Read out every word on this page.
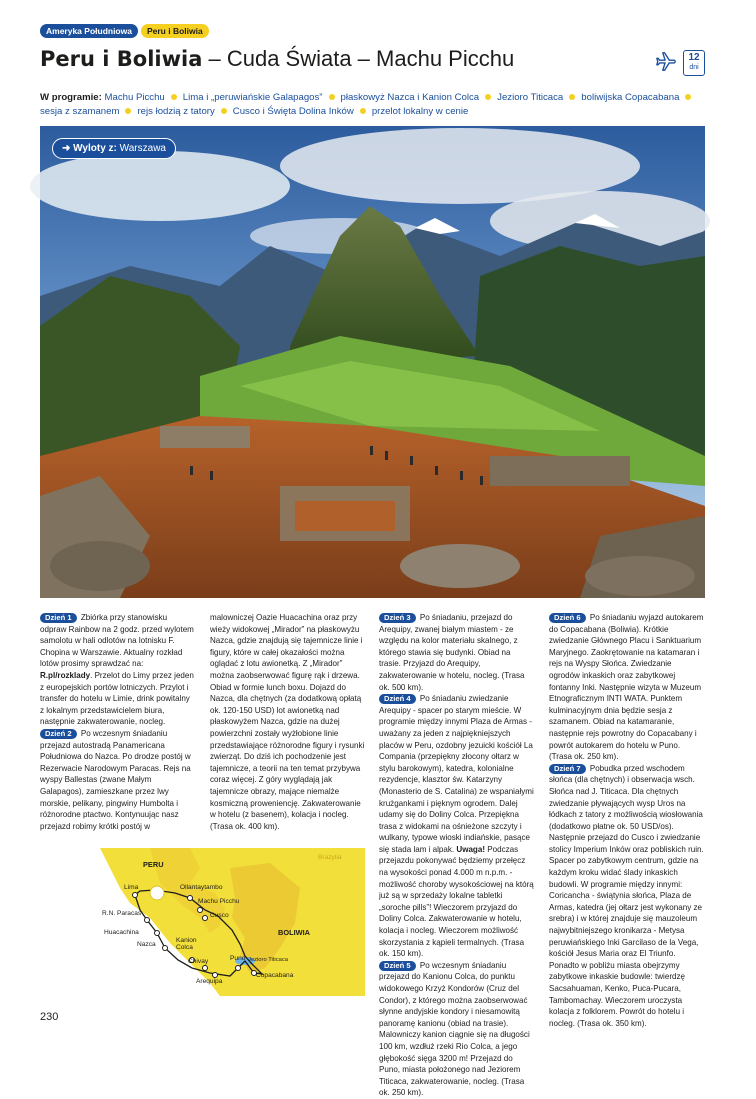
Ameryka Południowa	Peru i Boliwia
Peru i Boliwia – Cuda Świata – Machu Picchu	12
dni
W programie: Machu Picchu Lima i „peruwiańskie Galapagos” płaskowyż Nazca i Kanion Colca Jezioro Titicaca boliwijska Copacabana
sesja z szamanem rejs łodzią z tatory Cusco i Święta Dolina Inków przelot lokalny w cenie
➜ Wyloty z: Warszawa

Dzień 1 Zbiórka przy stanowisku odpraw Rainbow na 2 godz. przed wylotem samolotu w hali odlotów na lotnisku F. Chopina w Warszawie. Aktualny rozkład lotów prosimy sprawdzać na: R.pl/rozklady. Przelot do Limy przez jeden z europejskich portów lotniczych. Przylot i transfer do hotelu w Limie, drink powitalny z lokalnym przedstawicielem biura, następnie zakwaterowanie, nocleg.

Dzień 2 Po wczesnym śniadaniu przejazd autostradą Panamericana Południowa do Nazca. Po drodze postój w Rezerwacie Narodowym Paracas. Rejs na wyspy Ballestas (zwane Małym Galapagos), zamieszkane przez lwy morskie, pelikany, pingwiny Humbolta i różnorodne ptactwo. Kontynuując nasz przejazd robimy krótki postój w

Dzień 3 Po śniadaniu, przejazd do Arequipy, zwanej białym miastem - ze względu na kolor materiału skalnego, z którego stawia się budynki. Obiad na trasie. Przyjazd do Arequipy, zakwaterowanie w hotelu, nocleg. (Trasa ok. 500 km).

Dzień 4 Po śniadaniu zwiedzanie Arequipy - spacer po starym mieście. W programie między innymi Plaza de Armas - uważany za jeden z najpiękniejszych placów w Peru, ozdobny jezuicki kościół La Compania (przepiękny złocony ołtarz w stylu barokowym), katedra, kolonialne rezydencje, klasztor św. Katarzyny (Monasterio de S. Catalina) ze wspaniałymi krużgankami i pięknym ogrodem. Dalej udamy się do Doliny Colca. Przepiękna trasa z widokami na ośnieżone szczyty i wulkany, typowe wioski indiańskie, pasące się stada lam i alpak. Uwaga! Podczas przejazdu pokonywać będziemy przełęcz na wysokości ponad 4.000 m n.p.m. - możliwość choroby wysokościowej na którą już są w sprzedaży lokalne tabletki „soroche pills”! Wieczorem przyjazd do Doliny Colca. Zakwaterowanie w hotelu, kolacja i nocleg. Wieczorem możliwość skorzystania z kąpieli termalnych. (Trasa ok. 150 km).

Dzień 5 Po wczesnym śniadaniu przejazd do Kanionu Colca, do punktu widokowego Krzyż Kondorów (Cruz del Condor), z którego można zaobserwować słynne andyjskie kondory i niesamowitą panoramę kanionu (obiad na trasie). Malowniczy kanion ciągnie się na długości 100 km, wzdłuż rzeki Rio Colca, a jego głębokość sięga 3200 m! Przejazd do Puno, miasta położonego nad Jeziorem Titicaca, zakwaterowanie, nocleg. (Trasa ok. 250 km).

Dzień 6 Po śniadaniu wyjazd autokarem do Copacabana (Boliwia). Krótkie zwiedzanie Głównego Placu i Sanktuarium Maryjnego. Zaokrętowanie na katamaran i rejs na Wyspy Słońca. Zwiedzanie ogrodów inkaskich oraz zabytkowej fontanny Inki. Następnie wizyta w Muzeum Etnograficznym INTI WATA. Punktem kulminacyjnym dnia będzie sesja z szamanem. Obiad na katamaranie, następnie rejs powrotny do Copacabany i powrót autokarem do hotelu w Puno. (Trasa ok. 250 km).

Dzień 7 Pobudka przed wschodem słońca (dla chętnych) i obserwacja wsch. Słońca nad J. Titicaca. Dla chętnych zwiedzanie pływających wysp Uros na łódkach z tatory z możliwością wiosłowania (dodatkowo płatne ok. 50 USD/os). Następnie przejazd do Cusco i zwiedzanie stolicy Imperium Inków oraz pobliskich ruin. Spacer po zabytkowym centrum, gdzie na każdym kroku widać ślady inkaskich budowli. W programie między innymi: Coricancha - świątynia słońca, Plaza de Armas, katedra (jej ołtarz jest wykonany ze srebra) i w której znajduje się mauzoleum najwybitniejszego kronikarza - Metysa peruwiańskiego Inki Garcilaso de la Vega, kościół Jesus Maria oraz El Triunfo. Ponadto w pobliżu miasta obejrzymy zabytkowe inkaskie budowle: twierdzę Sacsahuaman, Kenko, Puca-Pucara, Tambomachay. Wieczorem uroczysta kolacja z folklorem. Powrót do hotelu i nocleg. (Trasa ok. 350 km).

PERU
BOLIWIA
Brazylia
Lima
R.N. Paracas
Huacachina
Nazca
Ollantaytambo
Machu Picchu
Cusco
Kanion Colca
Chivay
Arequipa
Puno Jezioro Titicaca
Copacabana

malowniczej Oazie Huacachina oraz przy wieży widokowej „Mirador” na płaskowyżu Nazca, gdzie znajdują się tajemnicze linie i figury, które w całej okazałości można oglądać z lotu awionetką. Z „Mirador” można zaobserwować figurę rąk i drzewa. Obiad w formie lunch boxu. Dojazd do Nazca, dla chętnych (za dodatkową opłatą ok. 120-150 USD) lot awionetką nad płaskowyżem Nazca, gdzie na dużej powierzchni zostały wyżłobione linie przedstawiające różnorodne figury i rysunki zwierząt. Do dziś ich pochodzenie jest tajemnicze, a teorii na ten temat przybywa coraz więcej. Z góry wyglądają jak tajemnicze obrazy, mające niemalże kosmiczną proweniencję. Zakwaterowanie w hotelu (z basenem), kolacja i nocleg. (Trasa ok. 400 km).

230
